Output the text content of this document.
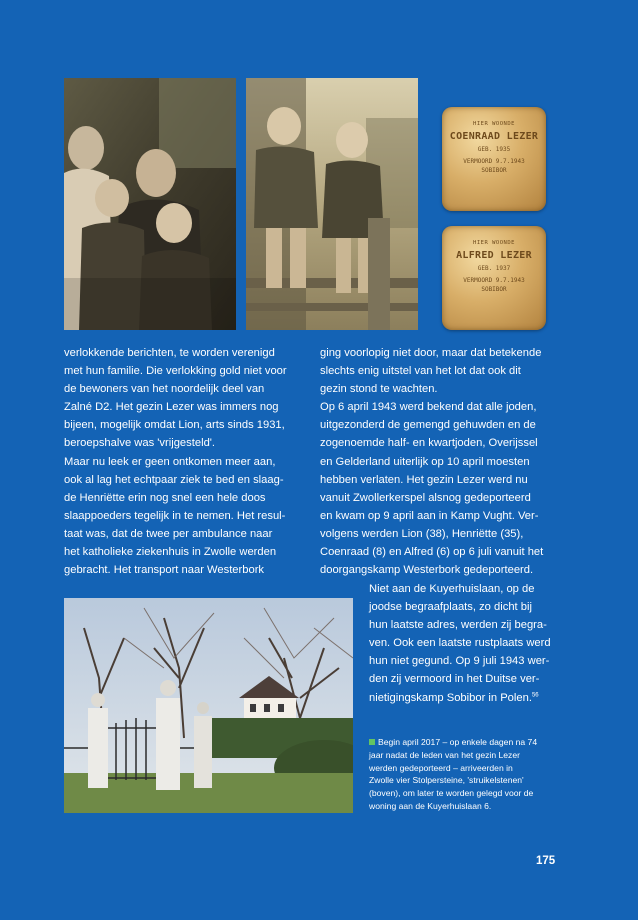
HIER WOONDE
COENRAAD LEZER
GEB. 1935
VERMOORD 9.7.1943
SOBIBOR
HIER WOONDE
ALFRED LEZER
GEB. 1937
VERMOORD 9.7.1943
SOBIBOR
verlokkende berichten, te worden verenigd
met hun familie. Die verlokking gold niet voor
de bewoners van het noordelijk deel van
Zalné D2. Het gezin Lezer was immers nog
bijeen, mogelijk omdat Lion, arts sinds 1931,
beroepshalve was 'vrijgesteld'.
Maar nu leek er geen ontkomen meer aan,
ook al lag het echtpaar ziek te bed en slaag-
de Henriëtte erin nog snel een hele doos
slaappoeders tegelijk in te nemen. Het resul-
taat was, dat de twee per ambulance naar
het katholieke ziekenhuis in Zwolle werden
gebracht. Het transport naar Westerbork
ging voorlopig niet door, maar dat betekende
slechts enig uitstel van het lot dat ook dit
gezin stond te wachten.
Op 6 april 1943 werd bekend dat alle joden,
uitgezonderd de gemengd gehuwden en de
zogenoemde half- en kwartjoden, Overijssel
en Gelderland uiterlijk op 10 april moesten
hebben verlaten. Het gezin Lezer werd nu
vanuit Zwollerkerspel alsnog gedeporteerd
en kwam op 9 april aan in Kamp Vught. Ver-
volgens werden Lion (38), Henriëtte (35),
Coenraad (8) en Alfred (6) op 6 juli vanuit het
doorgangskamp Westerbork gedeporteerd.
Niet aan de Kuyerhuislaan, op de
joodse begraafplaats, zo dicht bij
hun laatste adres, werden zij begra-
ven. Ook een laatste rustplaats werd
hun niet gegund. Op 9 juli 1943 wer-
den zij vermoord in het Duitse ver-
nietigingskamp Sobibor in Polen.$^{56}$
Begin april 2017 – op enkele dagen na 74
jaar nadat de leden van het gezin Lezer
werden gedeporteerd – arriveerden in
Zwolle vier Stolpersteine, 'struikelstenen'
(boven), om later te worden gelegd voor de
woning aan de Kuyerhuislaan 6.
175
